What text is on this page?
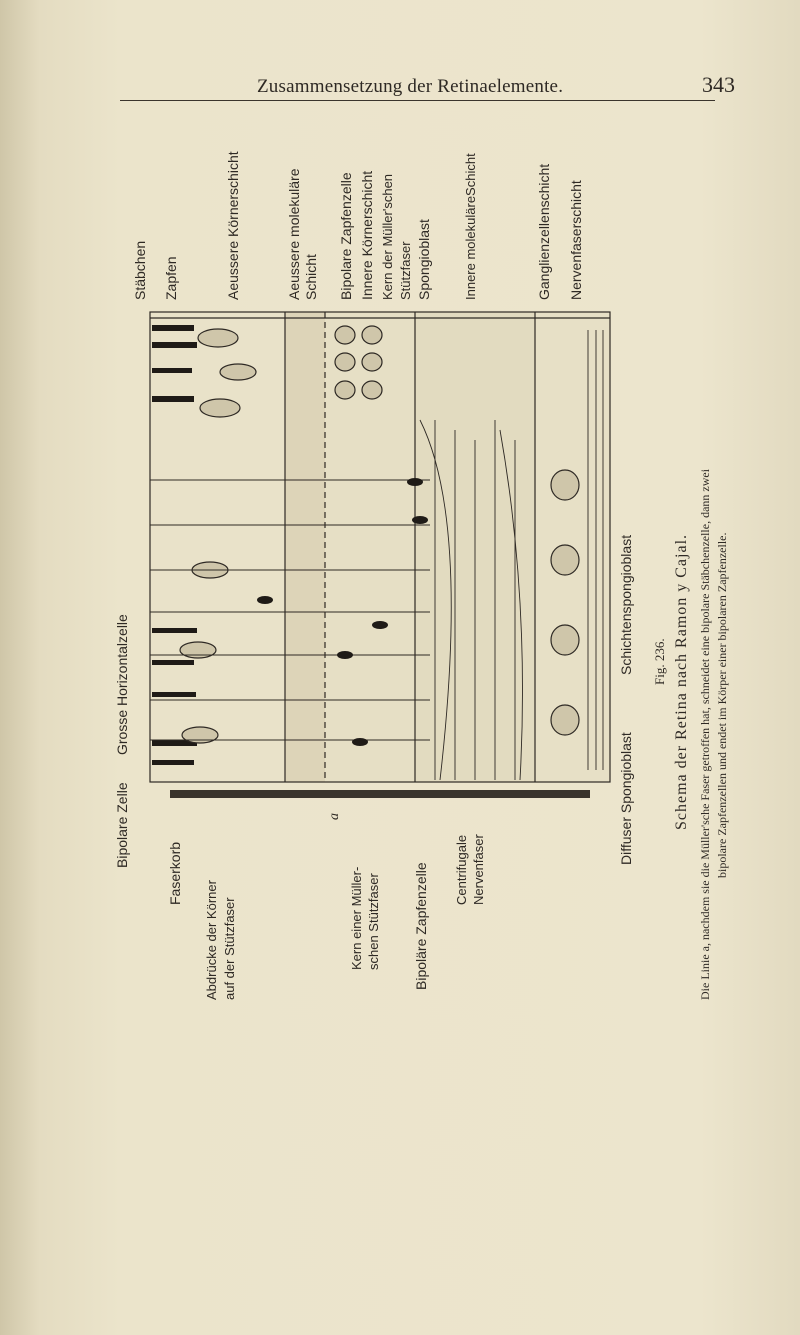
Zusammensetzung der Retinaelemente.	343
Stäbchen Zapfen	Aeussere Körnerschicht	Aeussere molekuläre Schicht Bipolare Zapfenzelle Innere Körnerschicht Kern der Müller'schen Stützfaser Spongioblast Innere molekuläreSchicht	Ganglienzellenschicht Nervenfaserschicht
Bipolare Zelle
Grosse Horizontalzelle
Faserkorb
Abdrücke der Körner auf der Stützfaser
a
Kern einer Müller- schen Stützfaser Bipoläre Zapfenzelle Centrifugale Nervenfaser
Diffuser Spongioblast
Schichtenspongioblast Fig. 236. Schema der Retina nach Ramon y Cajal. Die Linie a, nachdem sie die Müller'sche Faser getroffen hat, schneidet eine bipolare Stäbchenzelle, dann zwei bipolare Zapfenzellen und endet im Körper einer bipolaren Zapfenzelle.
